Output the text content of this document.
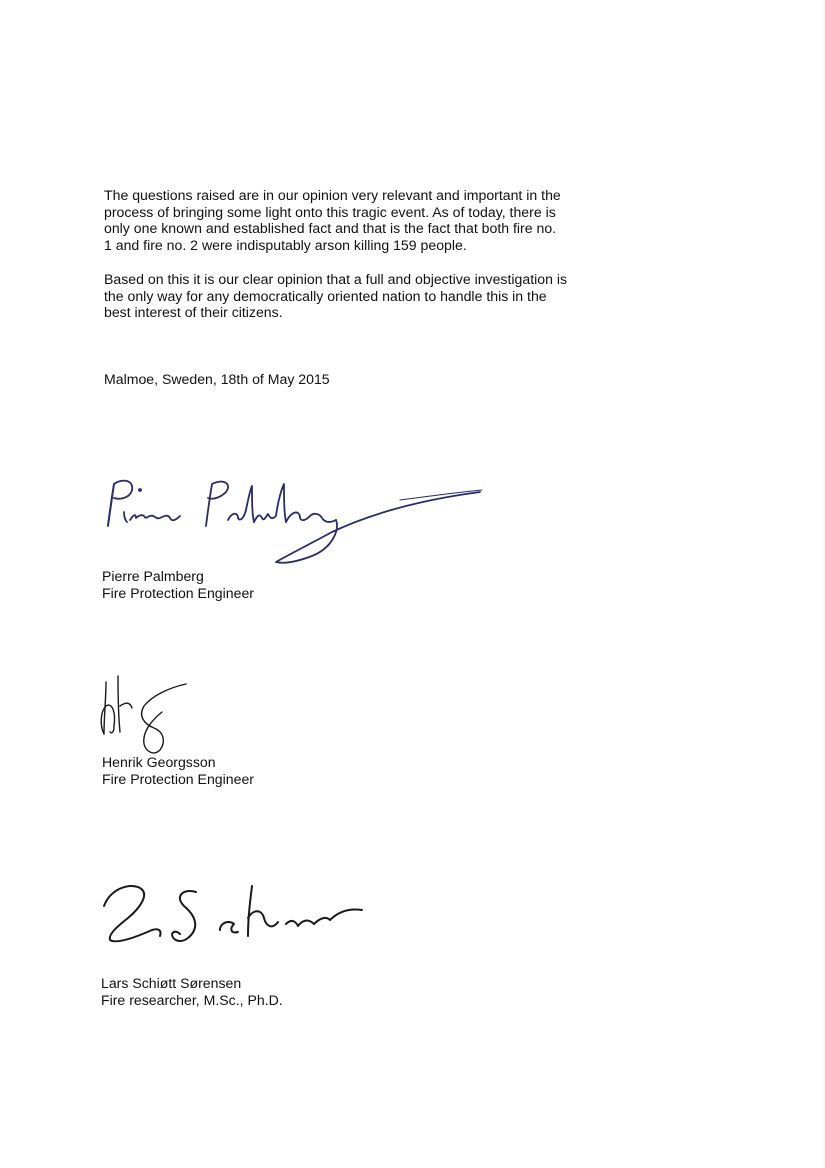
The questions raised are in our opinion very relevant and important in the
process of bringing some light onto this tragic event. As of today, there is
only one known and established fact and that is the fact that both fire no.
1 and fire no. 2 were indisputably arson killing 159 people.

Based on this it is our clear opinion that a full and objective investigation is
the only way for any democratically oriented nation to handle this in the
best interest of their citizens.

Malmoe, Sweden, 18th of May 2015
Pierre Palmberg
Fire Protection Engineer
Henrik Georgsson
Fire Protection Engineer
Lars Schiøtt Sørensen
Fire researcher, M.Sc., Ph.D.
